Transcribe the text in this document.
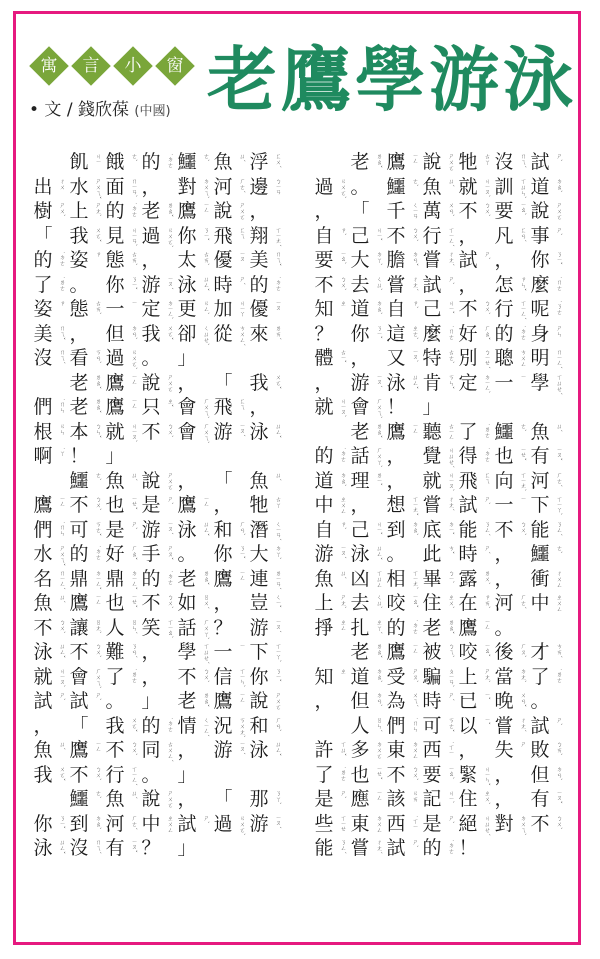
寓	言	小	窗
• 文 / 錢欣葆 (中國) 老鷹學游泳
飢 ㄐㄧ 餓 ㄜˋ 的 ˙ㄉㄜ 鱷 ㄜˋ 魚 ㄩˊ 浮 ㄈㄨˊ
出 ㄔㄨ 水 ㄕㄨㄟˇ 面 ㄇㄧㄢˋ ， 對 ㄉㄨㄟˋ 河 ㄏㄜˊ 邊 ㄅㄧㄢ
樹 ㄕㄨˋ 上 ㄕㄤˋ 的 ˙ㄉㄜ 老 ㄌㄠˇ 鷹 ㄧㄥ 說 ㄕㄨㄛ ，
「 我 ㄨㄛˇ 見 ㄐㄧㄢˋ 過 ㄍㄨㄛˋ 你 ㄋㄧˇ 飛 ㄈㄟ 翔 ㄒㄧㄤˊ
的 ˙ㄉㄜ 姿 ㄗ 態 ㄊㄞˋ ， 太 ㄊㄞˋ 優 ㄧㄡ 美 ㄇㄟˇ
了 ˙ㄌㄜ 。 你 ㄋㄧˇ 游 ㄧㄡˊ 泳 ㄩㄥˇ 時 ㄕˊ 的 ˙ㄉㄜ
姿 ㄗ 態 ㄊㄞˋ 一 ㄧ 定 ㄉㄧㄥˋ 更 ㄍㄥˋ 加 ㄐㄧㄚ 優 ㄧㄡ
美 ㄇㄟˇ ， 但 ㄉㄢˋ 我 ㄨㄛˇ 卻 ㄑㄩㄝˋ 從 ㄘㄨㄥˊ 來 ㄌㄞˊ
沒 ㄇㄟˊ 看 ㄎㄢˋ 過 ㄍㄨㄛˋ 。 」
老 ㄌㄠˇ 鷹 ㄧㄥ 說 ㄕㄨㄛ ， 「 我 ㄨㄛˇ
們 ˙ㄇㄣ 老 ㄌㄠˇ 鷹 ㄧㄥ 只 ㄓˇ 會 ㄏㄨㄟˋ 飛 ㄈㄟ ，
根 ㄍㄣ 本 ㄅㄣˇ 就 ㄐㄧㄡˋ 不 ㄅㄨˋ 會 ㄏㄨㄟˋ 游 ㄧㄡˊ 泳 ㄩㄥˇ
啊 ˙ㄚ ！ 」
鱷 ㄜˋ 魚 ㄩˊ 說 ㄕㄨㄛ ， 「 魚 ㄩˊ
鷹 ㄧㄥ 不 ㄅㄨˋ 也 ㄧㄝˇ 是 ㄕˋ 鷹 ㄧㄥ ， 牠 ㄊㄚ
們 ˙ㄇㄣ 可 ㄎㄜˇ 是 ㄕˋ 游 ㄧㄡˊ 泳 ㄩㄥˇ 和 ㄏㄢˋ 潛 ㄑㄧㄢˊ
水 ㄕㄨㄟˇ 的 ˙ㄉㄜ 好 ㄏㄠˇ 手 ㄕㄡˇ 。 你 ㄋㄧˇ 大 ㄉㄚˋ
名 ㄇㄧㄥˊ 鼎 ㄉㄧㄥˇ 鼎 ㄉㄧㄥˇ 的 ˙ㄉㄜ 老 ㄌㄠˇ 鷹 ㄧㄥ 連 ㄌㄧㄢˊ
魚 ㄩˊ 鷹 ㄧㄥ 也 ㄧㄝˇ 不 ㄅㄨˋ 如 ㄖㄨˊ ， 豈 ㄑㄧˇ
不 ㄅㄨˋ 讓 ㄖㄤˋ 人 ㄖㄣˊ 笑 ㄒㄧㄠˋ 話 ㄏㄨㄚˋ ？ 游 ㄧㄡˊ
泳 ㄩㄥˇ 不 ㄅㄨˋ 難 ㄋㄢˊ ， 學 ㄒㄩㄝˊ 一 ㄧ 下 ㄒㄧㄚˋ
就 ㄐㄧㄡˋ 會 ㄏㄨㄟˋ 了 ˙ㄌㄜ ， 不 ㄅㄨˋ 信 ㄒㄧㄣˋ 你 ㄋㄧˇ
試 ㄕˋ 試 ㄕˋ 。 」 老 ㄌㄠˇ 鷹 ㄧㄥ 說 ㄕㄨㄛ
， 「 我 ㄨㄛˇ 的 ˙ㄉㄜ 情 ㄑㄧㄥˊ 況 ㄎㄨㄤˋ 和 ㄏㄢˋ
魚 ㄩˊ 鷹 ㄧㄥ 不 ㄅㄨˋ 同 ㄊㄨㄥˊ ， 游 ㄧㄡˊ 泳 ㄩㄥˇ
我 ㄨㄛˇ 不 ㄅㄨˋ 行 ㄒㄧㄥˊ 。 」
鱷 ㄜˋ 魚 ㄩˊ 說 ㄕㄨㄛ ， 「 那 ㄋㄚˋ
你 ㄋㄧˇ 到 ㄉㄠˋ 河 ㄏㄜˊ 中 ㄓㄨㄥ 試 ㄕˋ 過 ㄍㄨㄛˋ 游 ㄧㄡˊ
泳 ㄩㄥˇ 沒 ㄇㄟˊ 有 ㄧㄡˇ ？ 」
老 ㄌㄠˇ 鷹 ㄧㄥ 說 ㄕㄨㄛ 牠 ㄊㄚ 沒 ㄇㄟˊ 試 ㄕˋ
過 ㄍㄨㄛˋ 。 鱷 ㄜˋ 魚 ㄩˊ 就 ㄐㄧㄡˋ 訓 ㄒㄩㄣˋ 道 ㄉㄠˋ
， 「 千 ㄑㄧㄢ 萬 ㄨㄢˋ 不 ㄅㄨˋ 要 ㄧㄠˋ 說 ㄕㄨㄛ
自 ㄗˋ 己 ㄐㄧˇ 不 ㄅㄨˋ 行 ㄒㄧㄥˊ ， 凡 ㄈㄢˊ 事 ㄕˋ
要 ㄧㄠˋ 大 ㄉㄚˋ 膽 ㄉㄢˇ 嘗 ㄔㄤˊ 試 ㄕˋ ， 你 ㄋㄧˇ
不 ㄅㄨˋ 去 ㄑㄩˋ 嘗 ㄔㄤˊ 試 ㄕˋ ， 怎 ㄗㄣˇ 麼 ˙ㄇㄜ
知 ㄓ 道 ㄉㄠˋ 自 ㄗˋ 己 ㄐㄧˇ 不 ㄅㄨˋ 行 ㄒㄧㄥˊ 呢 ˙ㄋㄜ
？ 你 ㄋㄧˇ 這 ㄓㄜˋ 麼 ˙ㄇㄜ 好 ㄏㄠˇ 的 ˙ㄉㄜ 身 ㄕㄣ
體 ㄊㄧˇ ， 又 ㄧㄡˋ 特 ㄊㄜˋ 別 ㄅㄧㄝˊ 聰 ㄘㄨㄥ 明 ㄇㄧㄥˊ
， 游 ㄧㄡˊ 泳 ㄩㄥˇ 肯 ㄎㄣˇ 定 ㄉㄧㄥˋ 一 ㄧ 學 ㄒㄩㄝˊ
就 ㄐㄧㄡˋ 會 ㄏㄨㄟˋ ！ 」
老 ㄌㄠˇ 鷹 ㄧㄥ 聽 ㄊㄧㄥ 了 ˙ㄌㄜ 鱷 ㄜˋ 魚 ㄩˊ
的 ˙ㄉㄜ 話 ㄏㄨㄚˋ ， 覺 ㄐㄩㄝˊ 得 ˙ㄉㄜ 也 ㄧㄝˇ 有 ㄧㄡˇ
道 ㄉㄠˋ 理 ㄌㄧˇ ， 就 ㄐㄧㄡˋ 飛 ㄈㄟ 向 ㄒㄧㄤˋ 河 ㄏㄜˊ
中 ㄓㄨㄥ ， 想 ㄒㄧㄤˇ 嘗 ㄔㄤˊ 試 ㄕˋ 一 ㄧ 下 ㄒㄧㄚˋ
自 ㄗˋ 己 ㄐㄧˇ 到 ㄉㄠˋ 底 ㄉㄧˇ 能 ㄋㄥˊ 不 ㄅㄨˋ 能 ㄋㄥˊ
游 ㄧㄡˊ 泳 ㄩㄥˇ 。 此 ㄘˇ 時 ㄕˊ ， 鱷 ㄜˋ
魚 ㄩˊ 凶 ㄒㄩㄥ 相 ㄒㄧㄤˋ 畢 ㄅㄧˋ 露 ㄌㄨˋ ， 衝 ㄔㄨㄥ
上 ㄕㄤˋ 去 ㄑㄩˋ 咬 ㄧㄠˇ 住 ㄓㄨˋ 在 ㄗㄞˋ 河 ㄏㄜˊ 中 ㄓㄨㄥ
掙 ㄓㄥ 扎 ㄓㄚˊ 的 ˙ㄉㄜ 老 ㄌㄠˇ 鷹 ㄧㄥ 。
老 ㄌㄠˇ 鷹 ㄧㄥ 被 ㄅㄟˋ 咬 ㄧㄠˇ 後 ㄏㄡˋ 才 ㄘㄞˊ
知 ㄓ 道 ㄉㄠˋ 受 ㄕㄡˋ 騙 ㄆㄧㄢˋ 上 ㄕㄤˋ 當 ㄉㄤˋ 了 ˙ㄌㄜ
， 但 ㄉㄢˋ 為 ㄨㄟˊ 時 ㄕˊ 已 ㄧˇ 晚 ㄨㄢˇ 。
人 ㄖㄣˊ 們 ˙ㄇㄣ 可 ㄎㄜˇ 以 ㄧˇ 嘗 ㄔㄤˊ 試 ㄕˋ
許 ㄒㄩˇ 多 ㄉㄨㄛ 東 ㄉㄨㄥ 西 ˙ㄒㄧ ， 失 ㄕ 敗 ㄅㄞˋ
了 ˙ㄌㄜ 也 ㄧㄝˇ 不 ㄅㄨˋ 要 ㄧㄠˋ 緊 ㄐㄧㄣˇ ， 但 ㄉㄢˋ
是 ㄕˋ 應 ㄧㄥ 該 ㄍㄞ 記 ㄐㄧˋ 住 ㄓㄨˋ ， 有 ㄧㄡˇ
些 ㄒㄧㄝ 東 ㄉㄨㄥ 西 ˙ㄒㄧ 是 ㄕˋ 絕 ㄐㄩㄝˊ 對 ㄉㄨㄟˋ 不 ㄅㄨˋ
能 ㄋㄥˊ 嘗 ㄔㄤˊ 試 ㄕˋ 的 ˙ㄉㄜ ！
